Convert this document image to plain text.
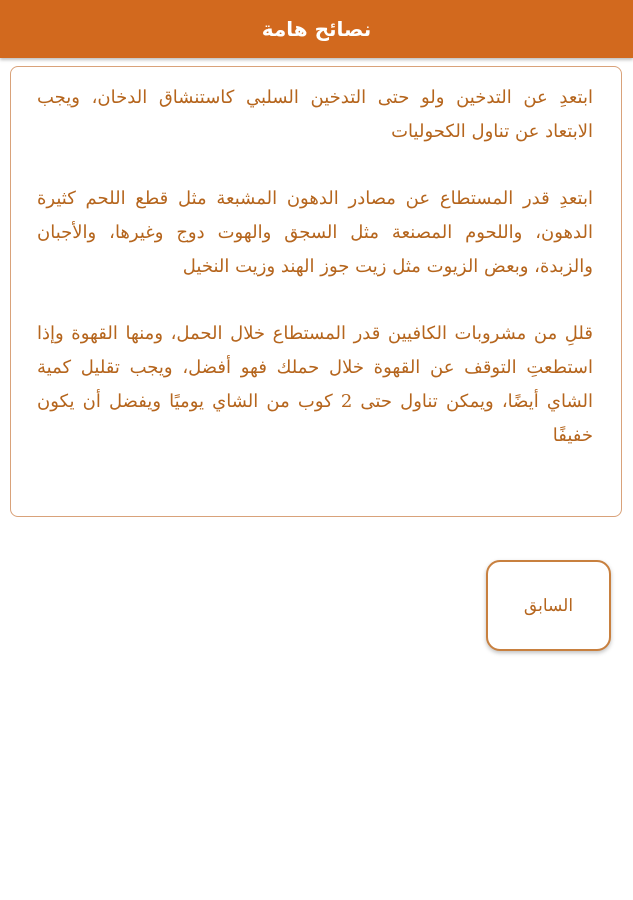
نصائح هامة

ابتعدِ عن التدخين ولو حتى التدخين السلبي كاستنشاق الدخان، ويجب الابتعاد عن تناول الكحوليات

ابتعدِ قدر المستطاع عن مصادر الدهون المشبعة مثل قطع اللحم كثيرة الدهون، واللحوم المصنعة مثل السجق والهوت دوج وغيرها، والأجبان والزبدة، وبعض الزيوت مثل زيت جوز الهند وزيت النخيل

قللِ من مشروبات الكافيين قدر المستطاع خلال الحمل، ومنها القهوة وإذا استطعتِ التوقف عن القهوة خلال حملك فهو أفضل، ويجب تقليل كمية الشاي أيضًا، ويمكن تناول حتى 2 كوب من الشاي يوميًا ويفضل أن يكون خفيفًا

السابق
